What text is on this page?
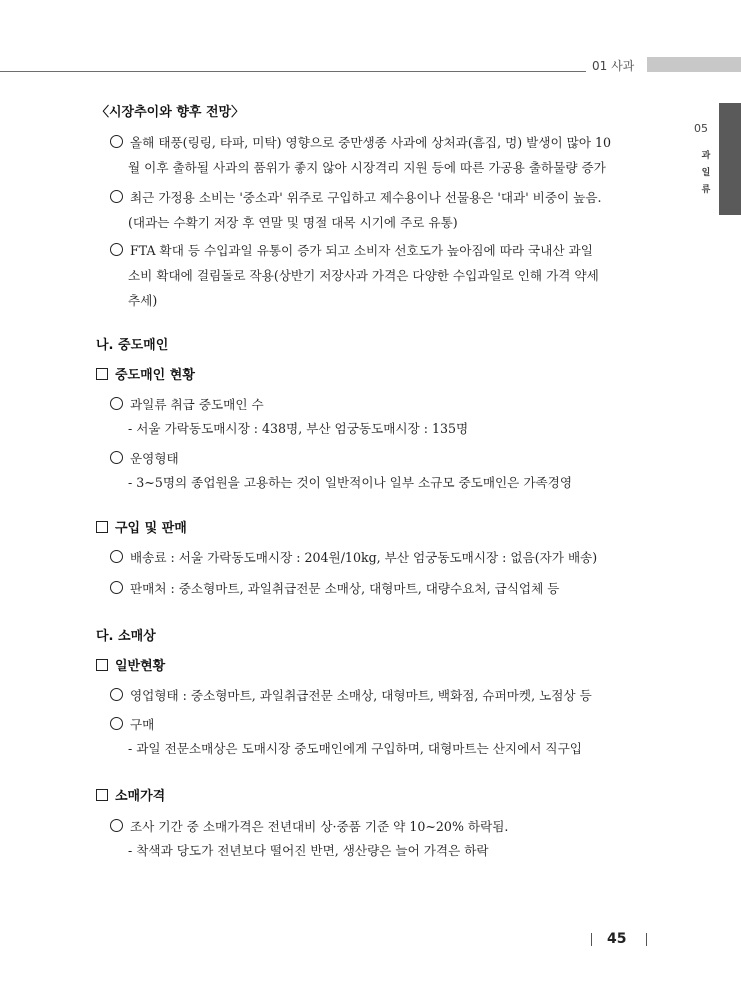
01 사과
05
과
일
류
〈시장추이와 향후 전망〉
올해 태풍(링링, 타파, 미탁) 영향으로 중만생종 사과에 상처과(흠집, 멍) 발생이 많아 10
월 이후 출하될 사과의 품위가 좋지 않아 시장격리 지원 등에 따른 가공용 출하물량 증가
최근 가정용 소비는 '중소과' 위주로 구입하고 제수용이나 선물용은 '대과' 비중이 높음.
(대과는 수확기 저장 후 연말 및 명절 대목 시기에 주로 유통)
FTA 확대 등 수입과일 유통이 증가 되고 소비자 선호도가 높아짐에 따라 국내산 과일
소비 확대에 걸림돌로 작용(상반기 저장사과 가격은 다양한 수입과일로 인해 가격 약세
추세)
나. 중도매인
중도매인 현황
과일류 취급 중도매인 수
- 서울 가락동도매시장 : 438명, 부산 엄궁동도매시장 : 135명
운영형태
- 3~5명의 종업원을 고용하는 것이 일반적이나 일부 소규모 중도매인은 가족경영
구입 및 판매
배송료 : 서울 가락동도매시장 : 204원/10kg, 부산 엄궁동도매시장 : 없음(자가 배송)
판매처 : 중소형마트, 과일취급전문 소매상, 대형마트, 대량수요처, 급식업체 등
다. 소매상
일반현황
영업형태 : 중소형마트, 과일취급전문 소매상, 대형마트, 백화점, 슈퍼마켓, 노점상 등
구매
- 과일 전문소매상은 도매시장 중도매인에게 구입하며, 대형마트는 산지에서 직구입
소매가격
조사 기간 중 소매가격은 전년대비 상·중품 기준 약 10~20% 하락됨.
- 착색과 당도가 전년보다 떨어진 반면, 생산량은 늘어 가격은 하락
45
